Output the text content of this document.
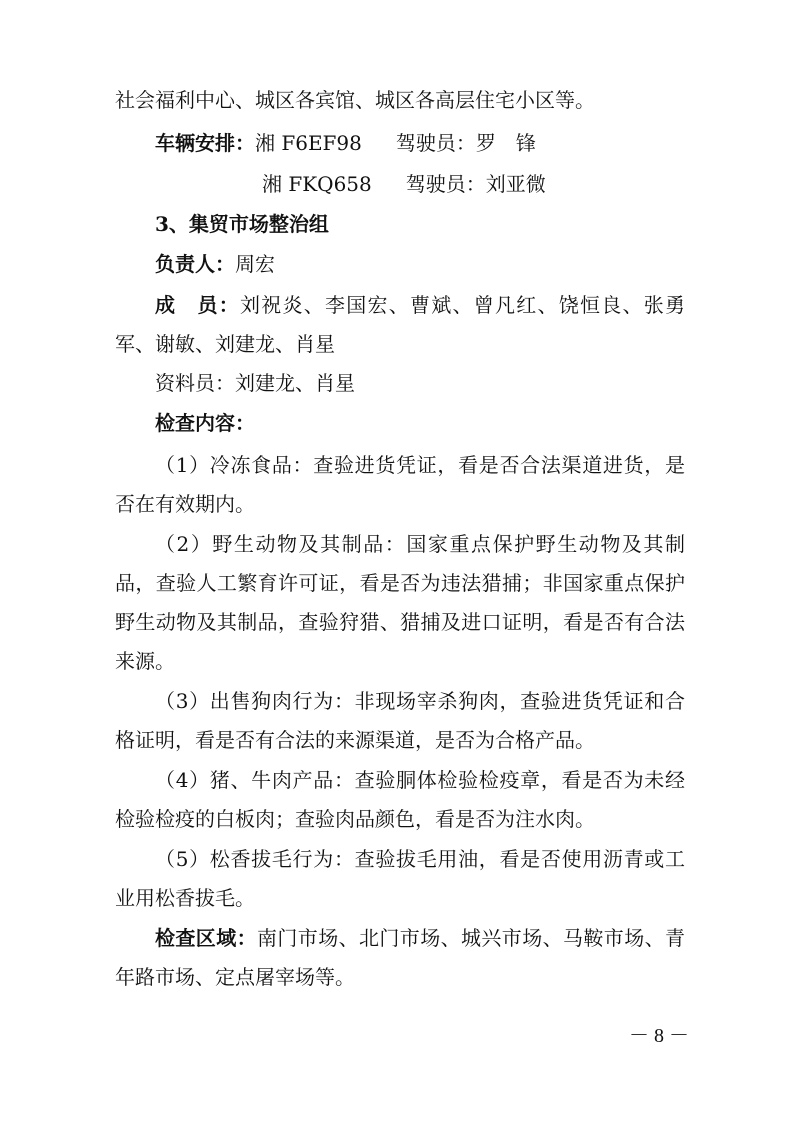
社会福利中心、城区各宾馆、城区各高层住宅小区等。
车辆安排：湘 F6EF98 驾驶员：罗　锋
湘 FKQ658 驾驶员：刘亚微
3、集贸市场整治组
负责人：周宏
成　员：刘祝炎、李国宏、曹斌、曾凡红、饶恒良、张勇军、谢敏、刘建龙、肖星
资料员：刘建龙、肖星
检查内容：
（1）冷冻食品：查验进货凭证，看是否合法渠道进货，是否在有效期内。
（2）野生动物及其制品：国家重点保护野生动物及其制品，查验人工繁育许可证，看是否为违法猎捕；非国家重点保护野生动物及其制品，查验狩猎、猎捕及进口证明，看是否有合法来源。
（3）出售狗肉行为：非现场宰杀狗肉，查验进货凭证和合格证明，看是否有合法的来源渠道，是否为合格产品。
（4）猪、牛肉产品：查验胴体检验检疫章，看是否为未经检验检疫的白板肉；查验肉品颜色，看是否为注水肉。
（5）松香拔毛行为：查验拔毛用油，看是否使用沥青或工业用松香拔毛。
检查区域：南门市场、北门市场、城兴市场、马鞍市场、青年路市场、定点屠宰场等。
－ 8 －
